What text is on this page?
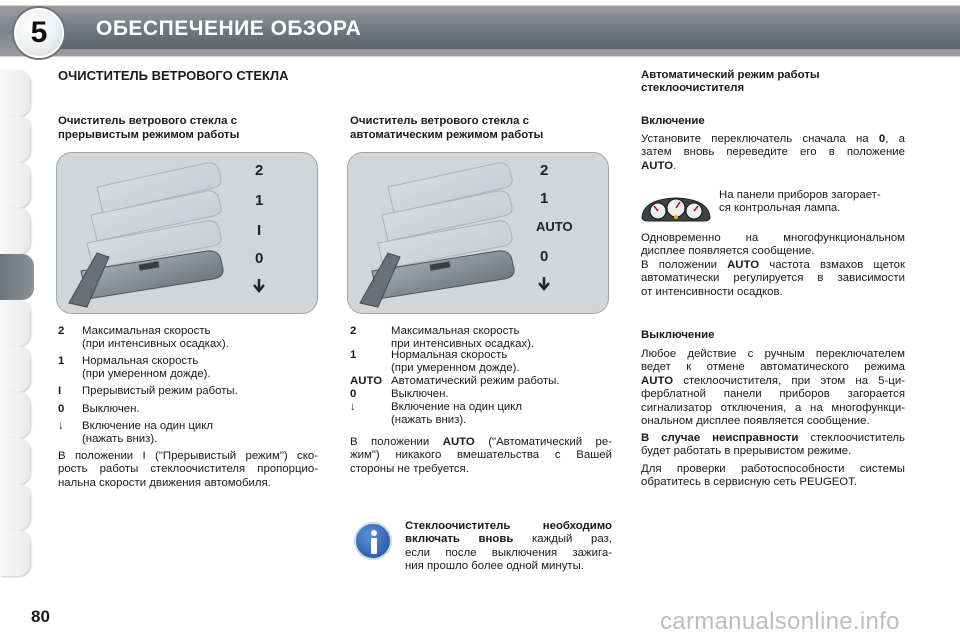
5	ОБЕСПЕЧЕНИЕ ОБЗОРА
ОЧИСТИТЕЛЬ ВЕТРОВОГО СТЕКЛА
Очиститель ветрового стекла с
прерывистым режимом работы
2
1
I
0
2 Максимальная скорость
(при интенсивных осадках).
1 Нормальная скорость
(при умеренном дожде).
I Прерывистый режим работы.
0 Выключен.
↓ Включение на один цикл
(нажать вниз).
В положении I ("Прерывистый режим") ско-
рость работы стеклоочистителя пропорцио-
нальна скорости движения автомобиля.
Очиститель ветрового стекла с
автоматическим режимом работы
2
1
AUTO
0
2	Максимальная скорость
при интенсивных осадках).
1	Нормальная скорость
(при умеренном дожде).
AUTO Автоматический режим работы.
0	Выключен.
↓	Включение на один цикл
(нажать вниз).
В положении AUTO ("Автоматический ре-
жим") никакого вмешательства с Вашей
стороны не требуется.
Стеклоочиститель необходимо
включать вновь каждый раз,
если после выключения зажига-
ния прошло более одной минуты.
Автоматический режим работы
стеклоочистителя
Включение
Установите переключатель сначала на 0, а
затем вновь переведите его в положение
AUTO.
На панели приборов загорает-
ся контрольная лампа.
Одновременно на многофункциональном
дисплее появляется сообщение.
В положении AUTO частота взмахов щеток
автоматически регулируется в зависимости
от интенсивности осадков.
Выключение
Любое действие с ручным переключателем
ведет к отмене автоматического режима
AUTO стеклоочистителя, при этом на 5-ци-
ферблатной панели приборов загорается
сигнализатор отключения, а на многофункци-
ональном дисплее появляется сообщение.
В случае неисправности стеклоочиститель
будет работать в прерывистом режиме.
Для проверки работоспособности системы
обратитесь в сервисную сеть PEUGEOT.
80	carmanualsonline.info
